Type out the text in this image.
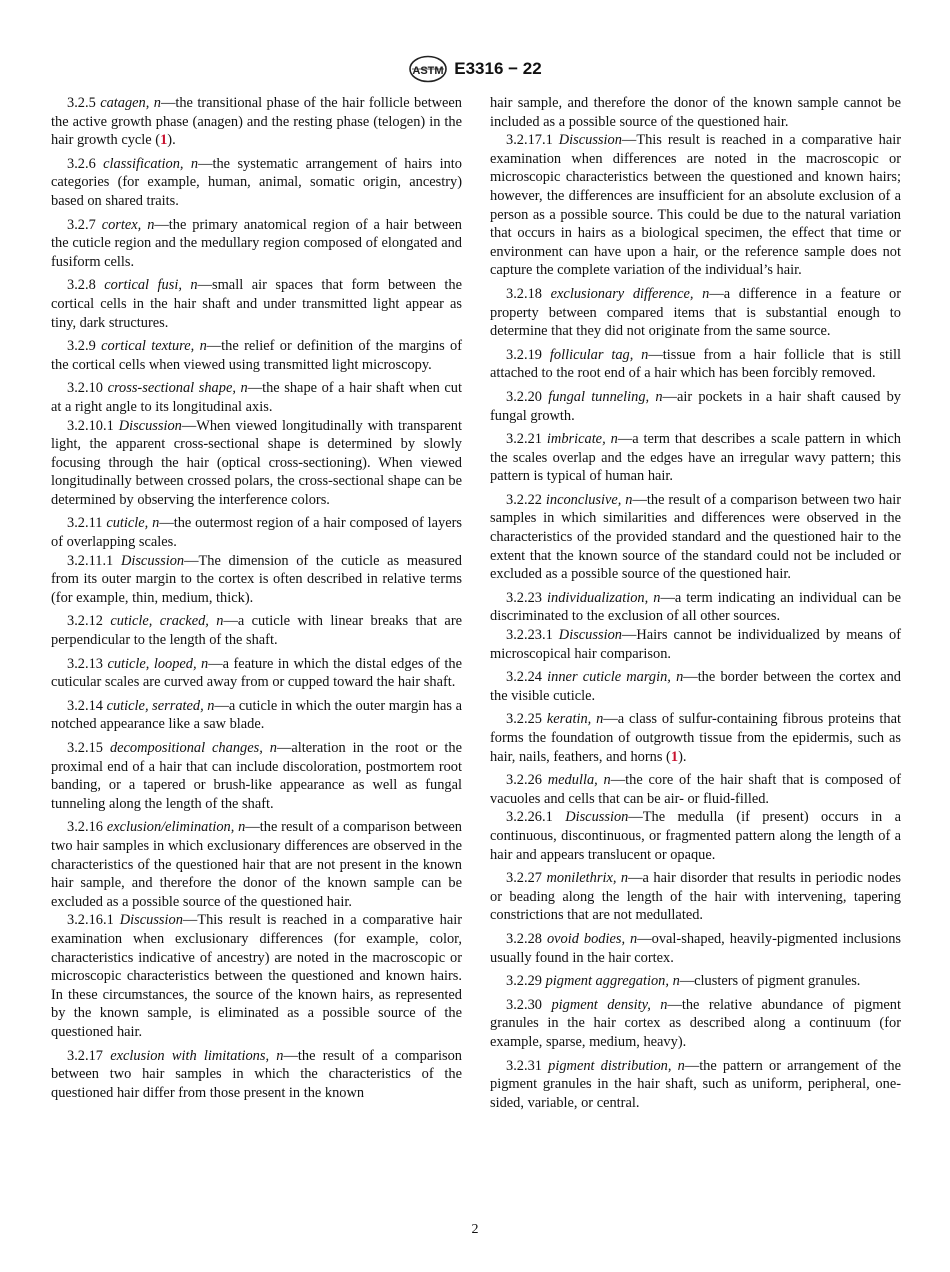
ASTM E3316 − 22

3.2.5 catagen, n—the transitional phase of the hair follicle between the active growth phase (anagen) and the resting phase (telogen) in the hair growth cycle (1).

3.2.6 classification, n—the systematic arrangement of hairs into categories (for example, human, animal, somatic origin, ancestry) based on shared traits.

3.2.7 cortex, n—the primary anatomical region of a hair between the cuticle region and the medullary region composed of elongated and fusiform cells.

3.2.8 cortical fusi, n—small air spaces that form between the cortical cells in the hair shaft and under transmitted light appear as tiny, dark structures.

3.2.9 cortical texture, n—the relief or definition of the margins of the cortical cells when viewed using transmitted light microscopy.

3.2.10 cross-sectional shape, n—the shape of a hair shaft when cut at a right angle to its longitudinal axis.

3.2.10.1 Discussion—When viewed longitudinally with transparent light, the apparent cross-sectional shape is determined by slowly focusing through the hair (optical cross-sectioning). When viewed longitudinally between crossed polars, the cross-sectional shape can be determined by observing the interference colors.

3.2.11 cuticle, n—the outermost region of a hair composed of layers of overlapping scales.

3.2.11.1 Discussion—The dimension of the cuticle as measured from its outer margin to the cortex is often described in relative terms (for example, thin, medium, thick).

3.2.12 cuticle, cracked, n—a cuticle with linear breaks that are perpendicular to the length of the shaft.

3.2.13 cuticle, looped, n—a feature in which the distal edges of the cuticular scales are curved away from or cupped toward the hair shaft.

3.2.14 cuticle, serrated, n—a cuticle in which the outer margin has a notched appearance like a saw blade.

3.2.15 decompositional changes, n—alteration in the root or the proximal end of a hair that can include discoloration, postmortem root banding, or a tapered or brush-like appearance as well as fungal tunneling along the length of the shaft.

3.2.16 exclusion/elimination, n—the result of a comparison between two hair samples in which exclusionary differences are observed in the characteristics of the questioned hair that are not present in the known hair sample, and therefore the donor of the known sample can be excluded as a possible source of the questioned hair.

3.2.16.1 Discussion—This result is reached in a comparative hair examination when exclusionary differences (for example, color, characteristics indicative of ancestry) are noted in the macroscopic or microscopic characteristics between the questioned and known hairs. In these circumstances, the source of the known hairs, as represented by the known sample, is eliminated as a possible source of the questioned hair.

3.2.17 exclusion with limitations, n—the result of a comparison between two hair samples in which the characteristics of the questioned hair differ from those present in the known

hair sample, and therefore the donor of the known sample cannot be included as a possible source of the questioned hair.

3.2.17.1 Discussion—This result is reached in a comparative hair examination when differences are noted in the macroscopic or microscopic characteristics between the questioned and known hairs; however, the differences are insufficient for an absolute exclusion of a person as a possible source. This could be due to the natural variation that occurs in hairs as a biological specimen, the effect that time or environment can have upon a hair, or the reference sample does not capture the complete variation of the individual’s hair.

3.2.18 exclusionary difference, n—a difference in a feature or property between compared items that is substantial enough to determine that they did not originate from the same source.

3.2.19 follicular tag, n—tissue from a hair follicle that is still attached to the root end of a hair which has been forcibly removed.

3.2.20 fungal tunneling, n—air pockets in a hair shaft caused by fungal growth.

3.2.21 imbricate, n—a term that describes a scale pattern in which the scales overlap and the edges have an irregular wavy pattern; this pattern is typical of human hair.

3.2.22 inconclusive, n—the result of a comparison between two hair samples in which similarities and differences were observed in the characteristics of the provided standard and the questioned hair to the extent that the known source of the standard could not be included or excluded as a possible source of the questioned hair.

3.2.23 individualization, n—a term indicating an individual can be discriminated to the exclusion of all other sources.

3.2.23.1 Discussion—Hairs cannot be individualized by means of microscopical hair comparison.

3.2.24 inner cuticle margin, n—the border between the cortex and the visible cuticle.

3.2.25 keratin, n—a class of sulfur-containing fibrous proteins that forms the foundation of outgrowth tissue from the epidermis, such as hair, nails, feathers, and horns (1).

3.2.26 medulla, n—the core of the hair shaft that is composed of vacuoles and cells that can be air- or fluid-filled.

3.2.26.1 Discussion—The medulla (if present) occurs in a continuous, discontinuous, or fragmented pattern along the length of a hair and appears translucent or opaque.

3.2.27 monilethrix, n—a hair disorder that results in periodic nodes or beading along the length of the hair with intervening, tapering constrictions that are not medullated.

3.2.28 ovoid bodies, n—oval-shaped, heavily-pigmented inclusions usually found in the hair cortex.

3.2.29 pigment aggregation, n—clusters of pigment granules.

3.2.30 pigment density, n—the relative abundance of pigment granules in the hair cortex as described along a continuum (for example, sparse, medium, heavy).

3.2.31 pigment distribution, n—the pattern or arrangement of the pigment granules in the hair shaft, such as uniform, peripheral, one-sided, variable, or central.

2
